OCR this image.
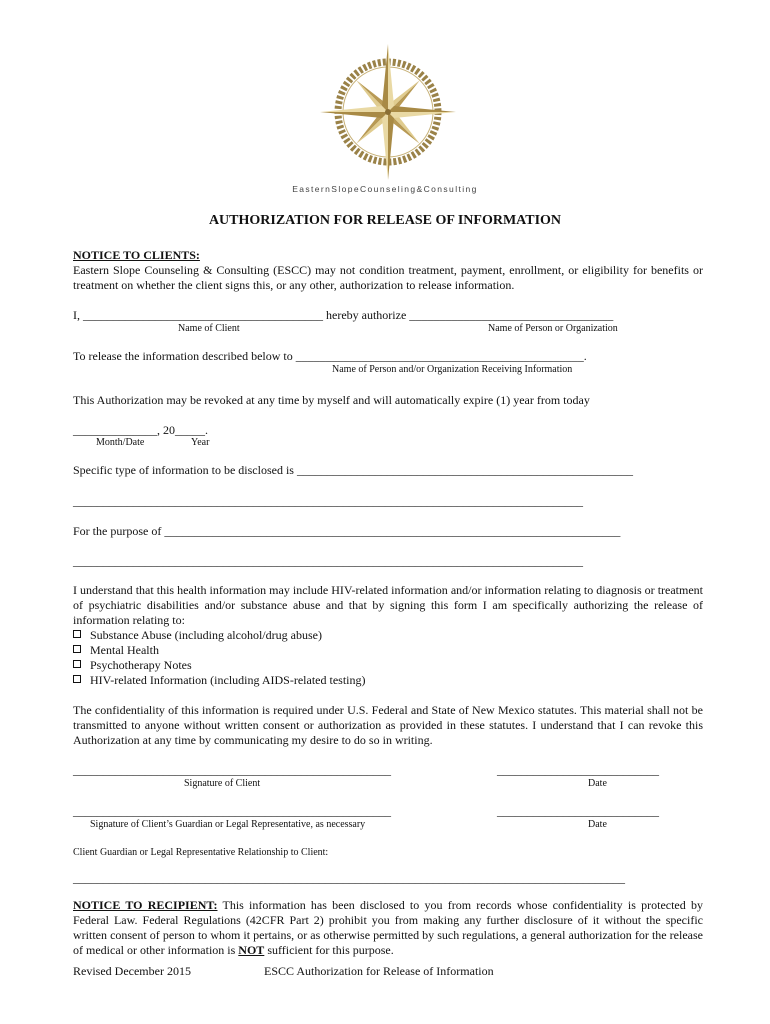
EasternSlopeCounseling&Consulting
AUTHORIZATION FOR RELEASE OF INFORMATION
NOTICE TO CLIENTS:
Eastern Slope Counseling & Consulting (ESCC) may not condition treatment, payment, enrollment, or eligibility for benefits or treatment on whether the client signs this, or any other, authorization to release information.
I, ________________________________________ hereby authorize __________________________________
Name of Client	Name of Person or Organization
To release the information described below to ________________________________________________.
Name of Person and/or Organization Receiving Information
This Authorization may be revoked at any time by myself and will automatically expire (1) year from today
______________, 20_____.
Month/Date	Year
Specific type of information to be disclosed is ________________________________________________________
_____________________________________________________________________________________
For the purpose of ____________________________________________________________________________
_____________________________________________________________________________________
I understand that this health information may include HIV-related information and/or information relating to diagnosis or treatment of psychiatric disabilities and/or substance abuse and that by signing this form I am specifically authorizing the release of information relating to:
Substance Abuse (including alcohol/drug abuse)
Mental Health
Psychotherapy Notes
HIV-related Information (including AIDS-related testing)
The confidentiality of this information is required under U.S. Federal and State of New Mexico statutes. This material shall not be transmitted to anyone without written consent or authorization as provided in these statutes. I understand that I can revoke this Authorization at any time by communicating my desire to do so in writing.
_____________________________________________________	___________________________
Signature of Client	Date
_____________________________________________________	___________________________
Signature of Client’s Guardian or Legal Representative, as necessary	Date
Client Guardian or Legal Representative Relationship to Client:
____________________________________________________________________________________________
NOTICE TO RECIPIENT: This information has been disclosed to you from records whose confidentiality is protected by Federal Law. Federal Regulations (42CFR Part 2) prohibit you from making any further disclosure of it without the specific written consent of person to whom it pertains, or as otherwise permitted by such regulations, a general authorization for the release of medical or other information is NOT sufficient for this purpose.
Revised December 2015	ESCC Authorization for Release of Information
